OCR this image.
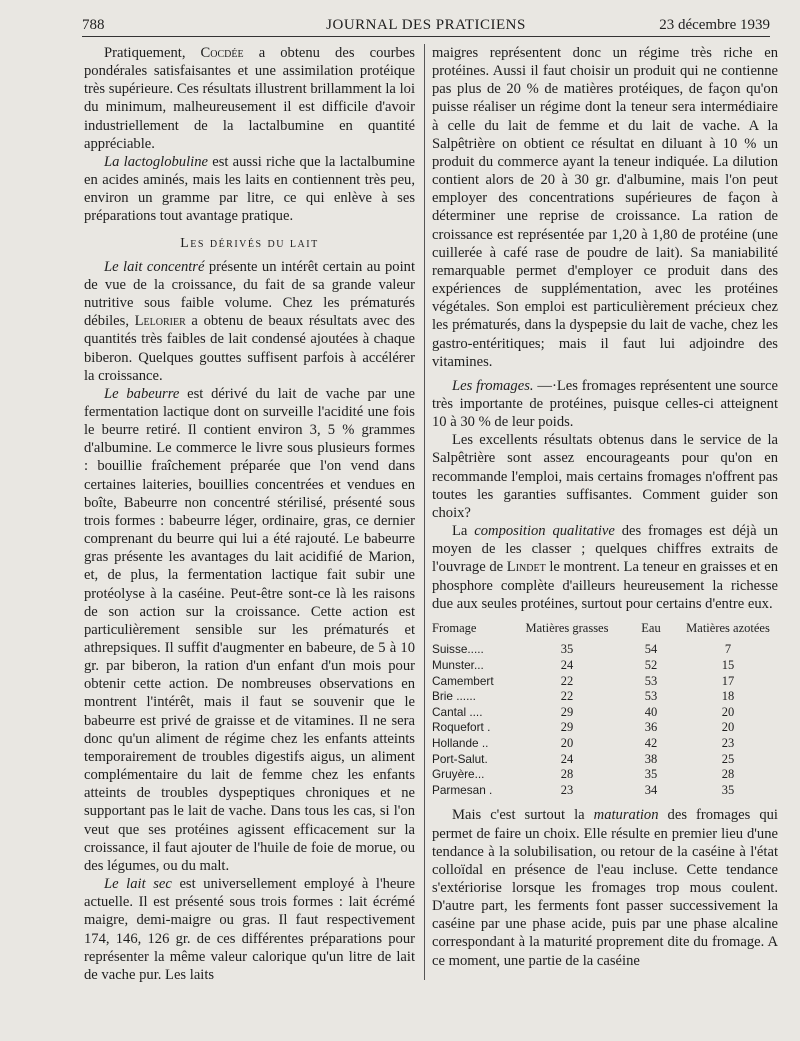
788	JOURNAL DES PRATICIENS	23 décembre 1939

Pratiquement, Cocdée a obtenu des courbes pondérales satisfaisantes et une assimilation protéique très supérieure. Ces résultats illustrent brillamment la loi du minimum, malheureusement il est difficile d'avoir industriellement de la lactalbumine en quantité appréciable.

La lactoglobuline est aussi riche que la lactalbumine en acides aminés, mais les laits en contiennent très peu, environ un gramme par litre, ce qui enlève à ses préparations tout avantage pratique.

Les dérivés du lait

Le lait concentré présente un intérêt certain au point de vue de la croissance, du fait de sa grande valeur nutritive sous faible volume. Chez les prématurés débiles, Lelorier a obtenu de beaux résultats avec des quantités très faibles de lait condensé ajoutées à chaque biberon. Quelques gouttes suffisent parfois à accélérer la croissance.

Le babeurre est dérivé du lait de vache par une fermentation lactique dont on surveille l'acidité une fois le beurre retiré. Il contient environ 3, 5 % grammes d'albumine. Le commerce le livre sous plusieurs formes : bouillie fraîchement préparée que l'on vend dans certaines laiteries, bouillies concentrées et vendues en boîte, Babeurre non concentré stérilisé, présenté sous trois formes : babeurre léger, ordinaire, gras, ce dernier comprenant du beurre qui lui a été rajouté. Le babeurre gras présente les avantages du lait acidifié de Marion, et, de plus, la fermentation lactique fait subir une protéolyse à la caséine. Peut-être sont-ce là les raisons de son action sur la croissance. Cette action est particulièrement sensible sur les prématurés et athrepsiques. Il suffit d'augmenter en babeure, de 5 à 10 gr. par biberon, la ration d'un enfant d'un mois pour obtenir cette action. De nombreuses observations en montrent l'intérêt, mais il faut se souvenir que le babeurre est privé de graisse et de vitamines. Il ne sera donc qu'un aliment de régime chez les enfants atteints temporairement de troubles digestifs aigus, un aliment complémentaire du lait de femme chez les enfants atteints de troubles dyspeptiques chroniques et ne supportant pas le lait de vache. Dans tous les cas, si l'on veut que ses protéines agissent efficacement sur la croissance, il faut ajouter de l'huile de foie de morue, ou des légumes, ou du malt.

Le lait sec est universellement employé à l'heure actuelle. Il est présenté sous trois formes : lait écrémé maigre, demi-maigre ou gras. Il faut respectivement 174, 146, 126 gr. de ces différentes préparations pour représenter la même valeur calorique qu'un litre de lait de vache pur. Les laits

maigres représentent donc un régime très riche en protéines. Aussi il faut choisir un produit qui ne contienne pas plus de 20 % de matières protéiques, de façon qu'on puisse réaliser un régime dont la teneur sera intermédiaire à celle du lait de femme et du lait de vache. A la Salpêtrière on obtient ce résultat en diluant à 10 % un produit du commerce ayant la teneur indiquée. La dilution contient alors de 20 à 30 gr. d'albumine, mais l'on peut employer des concentrations supérieures de façon à déterminer une reprise de croissance. La ration de croissance est représentée par 1,20 à 1,80 de protéine (une cuillerée à café rase de poudre de lait). Sa maniabilité remarquable permet d'employer ce produit dans des expériences de supplémentation, avec les protéines végétales. Son emploi est particulièrement précieux chez les prématurés, dans la dyspepsie du lait de vache, chez les gastro-entéritiques; mais il faut lui adjoindre des vitamines.

Les fromages. —·Les fromages représentent une source très importante de protéines, puisque celles-ci atteignent 10 à 30 % de leur poids.

Les excellents résultats obtenus dans le service de la Salpêtrière sont assez encourageants pour qu'on en recommande l'emploi, mais certains fromages n'offrent pas toutes les garanties suffisantes. Comment guider son choix?

La composition qualitative des fromages est déjà un moyen de les classer ; quelques chiffres extraits de l'ouvrage de Lindet le montrent. La teneur en graisses et en phosphore complète d'ailleurs heureusement la richesse due aux seules protéines, surtout pour certains d'entre eux.

Fromage	Matières grasses	Eau	Matières azotées
Suisse.....	35	54	7
Munster...	24	52	15
Camembert	22	53	17
Brie ......	22	53	18
Cantal ....	29	40	20
Roquefort .	29	36	20
Hollande ..	20	42	23
Port-Salut.	24	38	25
Gruyère...	28	35	28
Parmesan .	23	34	35

Mais c'est surtout la maturation des fromages qui permet de faire un choix. Elle résulte en premier lieu d'une tendance à la solubilisation, ou retour de la caséine à l'état colloïdal en présence de l'eau incluse. Cette tendance s'extériorise lorsque les fromages trop mous coulent. D'autre part, les ferments font passer successivement la caséine par une phase acide, puis par une phase alcaline correspondant à la maturité proprement dite du fromage. A ce moment, une partie de la caséine
